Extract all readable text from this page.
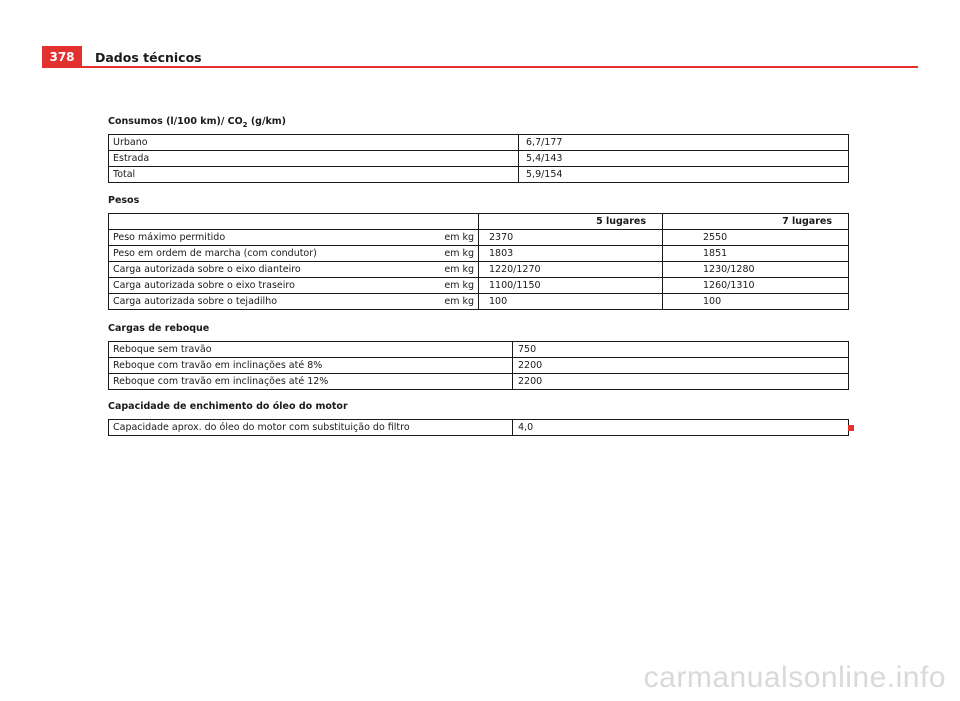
378	Dados técnicos
Consumos (l/100 km)/ $CO_2$ (g/km)
Urbano	6,7/177
Estrada	5,4/143
Total	5,9/154
Pesos
	5 lugares	7 lugares
Peso máximo permitido em kg	2370	2550
Peso em ordem de marcha (com condutor) em kg	1803	1851
Carga autorizada sobre o eixo dianteiro em kg	1220/1270	1230/1280
Carga autorizada sobre o eixo traseiro em kg	1100/1150	1260/1310
Carga autorizada sobre o tejadilho em kg	100	100
Cargas de reboque
Reboque sem travão	750
Reboque com travão em inclinações até 8%	2200
Reboque com travão em inclinações até 12%	2200
Capacidade de enchimento do óleo do motor
Capacidade aprox. do óleo do motor com substituição do filtro	4,0
carmanualsonline.info
